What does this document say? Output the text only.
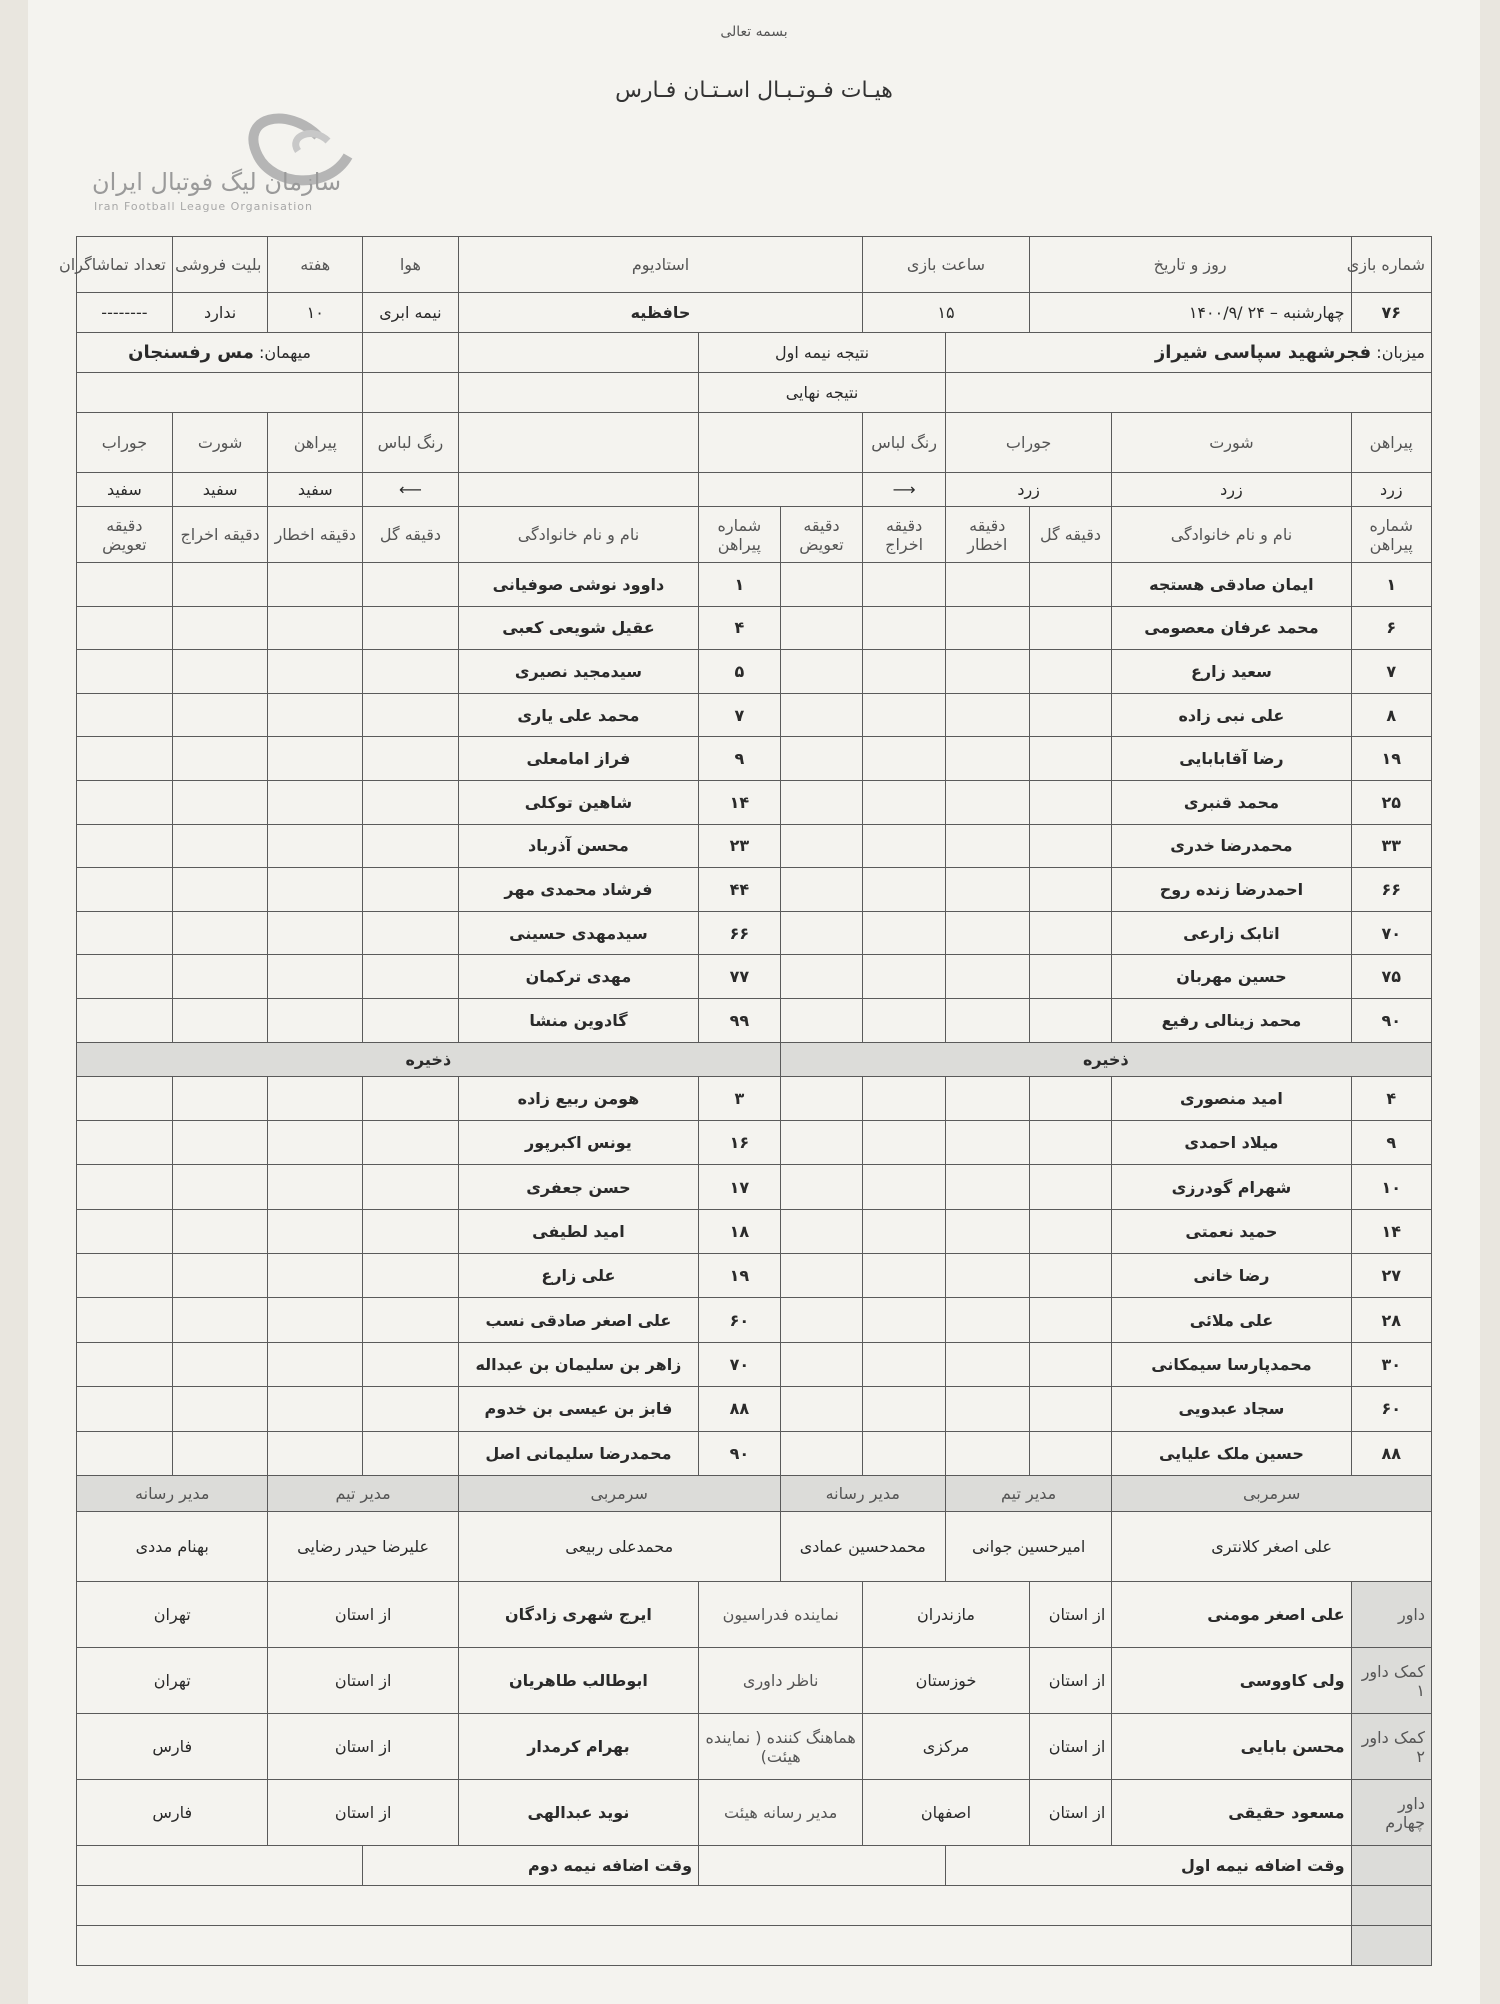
بسمه تعالی
هیـات فـوتـبـال اسـتـان فـارس
سازمان لیگ فوتبال ایران
Iran Football League Organisation
شماره بازی	روز و تاریخ		ساعت بازی		استادیوم			هوا	هفته	بلیت فروشی	تعداد تماشاگران
۷۶	چهارشنبه – ۲۴ /۱۴۰۰/۹		۱۵		حافظیه			نیمه ابری	۱۰	ندارد	--------
میزبان: فجرشهید سپاسی شیراز				نتیجه نیمه اول					میهمان: مس رفسنجان		
				نتیجه نهایی							
پیراهن	شورت	جوراب		رنگ لباس				رنگ لباس	پیراهن	شورت	جوراب
زرد	زرد	زرد		⟶				⟵	سفید	سفید	سفید
شماره پیراهن	نام و نام خانوادگی	دقیقه گل	دقیقه اخطار	دقیقه اخراج	دقیقه تعویض	شماره پیراهن	نام و نام خانوادگی	دقیقه گل	دقیقه اخطار	دقیقه اخراج	دقیقه تعویض
۱	ایمان صادقی هستجه					۱	داوود نوشی صوفیانی				
۶	محمد عرفان معصومی					۴	عقیل شویعی کعبی				
۷	سعید زارع					۵	سیدمجید نصیری				
۸	علی نبی زاده					۷	محمد علی یاری				
۱۹	رضا آقابابایی					۹	فراز امامعلی				
۲۵	محمد قنبری					۱۴	شاهین توکلی				
۳۳	محمدرضا خدری					۲۳	محسن آذرباد				
۶۶	احمدرضا زنده روح					۴۴	فرشاد محمدی مهر				
۷۰	اتابک زارعی					۶۶	سیدمهدی حسینی				
۷۵	حسین مهربان					۷۷	مهدی ترکمان				
۹۰	محمد زینالی رفیع					۹۹	گادوین منشا				
ذخیره						ذخیره					
۴	امید منصوری					۳	هومن ربیع زاده				
۹	میلاد احمدی					۱۶	یونس اکبرپور				
۱۰	شهرام گودرزی					۱۷	حسن جعفری				
۱۴	حمید نعمتی					۱۸	امید لطیفی				
۲۷	رضا خانی					۱۹	علی زارع				
۲۸	علی ملائی					۶۰	علی اصغر صادقی نسب				
۳۰	محمدپارسا سیمکانی					۷۰	زاهر بن سلیمان بن عبداله				
۶۰	سجاد عبدویی					۸۸	فابز بن عیسی بن خدوم				
۸۸	حسین ملک علیایی					۹۰	محمدرضا سلیمانی اصل				
سرمربی		مدیر تیم		مدیر رسانه		سرمربی		مدیر تیم		مدیر رسانه	
علی اصغر کلانتری		امیرحسین جوانی		محمدحسین عمادی		محمدعلی ربیعی		علیرضا حیدر رضایی		بهنام مددی	
داور	علی اصغر مومنی	از استان	مازندران		نماینده فدراسیون		ایرج شهری زادگان	از استان		تهران	
کمک داور ۱	ولی کاووسی	از استان	خوزستان		ناظر داوری		ابوطالب طاهریان	از استان		تهران	
کمک داور ۲	محسن بابایی	از استان	مرکزی		هماهنگ کننده ( نماینده هیئت)		بهرام کرمدار	از استان		فارس	
داور چهارم	مسعود حقیقی	از استان	اصفهان		مدیر رسانه هیئت		نوید عبدالهی	از استان		فارس	
	وقت اضافه نیمه اول						وقت اضافه نیمه دوم				
